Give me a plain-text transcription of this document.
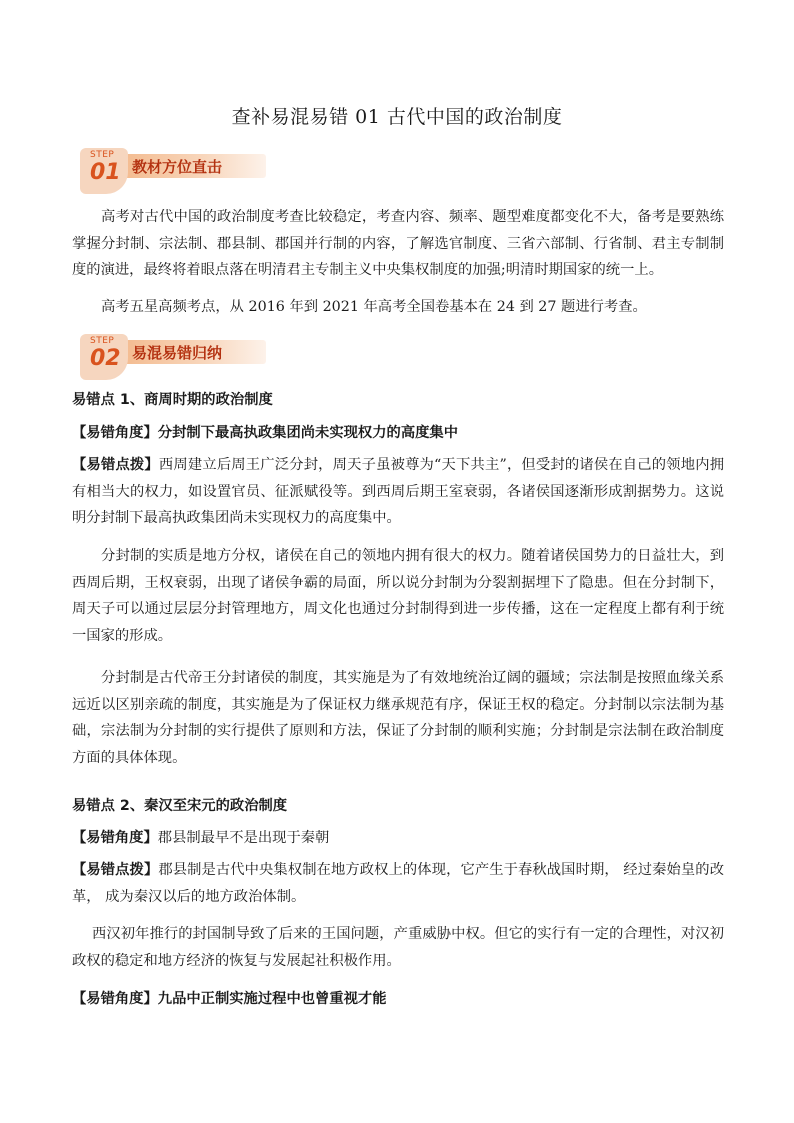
查补易混易错 01 古代中国的政治制度
STEP
01 教材方位直击

高考对古代中国的政治制度考查比较稳定，考查内容、频率、题型难度都变化不大，备考是要熟练掌握分封制、宗法制、郡县制、郡国并行制的内容，了解选官制度、三省六部制、行省制、君主专制制度的演进，最终将着眼点落在明清君主专制主义中央集权制度的加强;明清时期国家的统一上。

高考五星高频考点，从 2016 年到 2021 年高考全国卷基本在 24 到 27 题进行考查。

STEP
02 易混易错归纳

易错点 1、商周时期的政治制度

【易错角度】分封制下最高执政集团尚未实现权力的高度集中

【易错点拨】西周建立后周王广泛分封，周天子虽被尊为“天下共主”，但受封的诸侯在自己的领地内拥有相当大的权力，如设置官员、征派赋役等。到西周后期王室衰弱，各诸侯国逐渐形成割据势力。这说明分封制下最高执政集团尚未实现权力的高度集中。

分封制的实质是地方分权，诸侯在自己的领地内拥有很大的权力。随着诸侯国势力的日益壮大，到西周后期，王权衰弱，出现了诸侯争霸的局面，所以说分封制为分裂割据埋下了隐患。但在分封制下，周天子可以通过层层分封管理地方，周文化也通过分封制得到进一步传播，这在一定程度上都有利于统一国家的形成。

分封制是古代帝王分封诸侯的制度，其实施是为了有效地统治辽阔的疆域；宗法制是按照血缘关系远近以区别亲疏的制度，其实施是为了保证权力继承规范有序，保证王权的稳定。分封制以宗法制为基础，宗法制为分封制的实行提供了原则和方法，保证了分封制的顺利实施；分封制是宗法制在政治制度方面的具体体现。

易错点 2、秦汉至宋元的政治制度

【易错角度】郡县制最早不是出现于秦朝

【易错点拨】郡县制是古代中央集权制在地方政权上的体现，它产生于春秋战国时期， 经过秦始皇的改革， 成为秦汉以后的地方政治体制。

西汉初年推行的封国制导致了后来的王国问题，产重威胁中权。但它的实行有一定的合理性，对汉初政权的稳定和地方经济的恢复与发展起社积极作用。

【易错角度】九品中正制实施过程中也曾重视才能
